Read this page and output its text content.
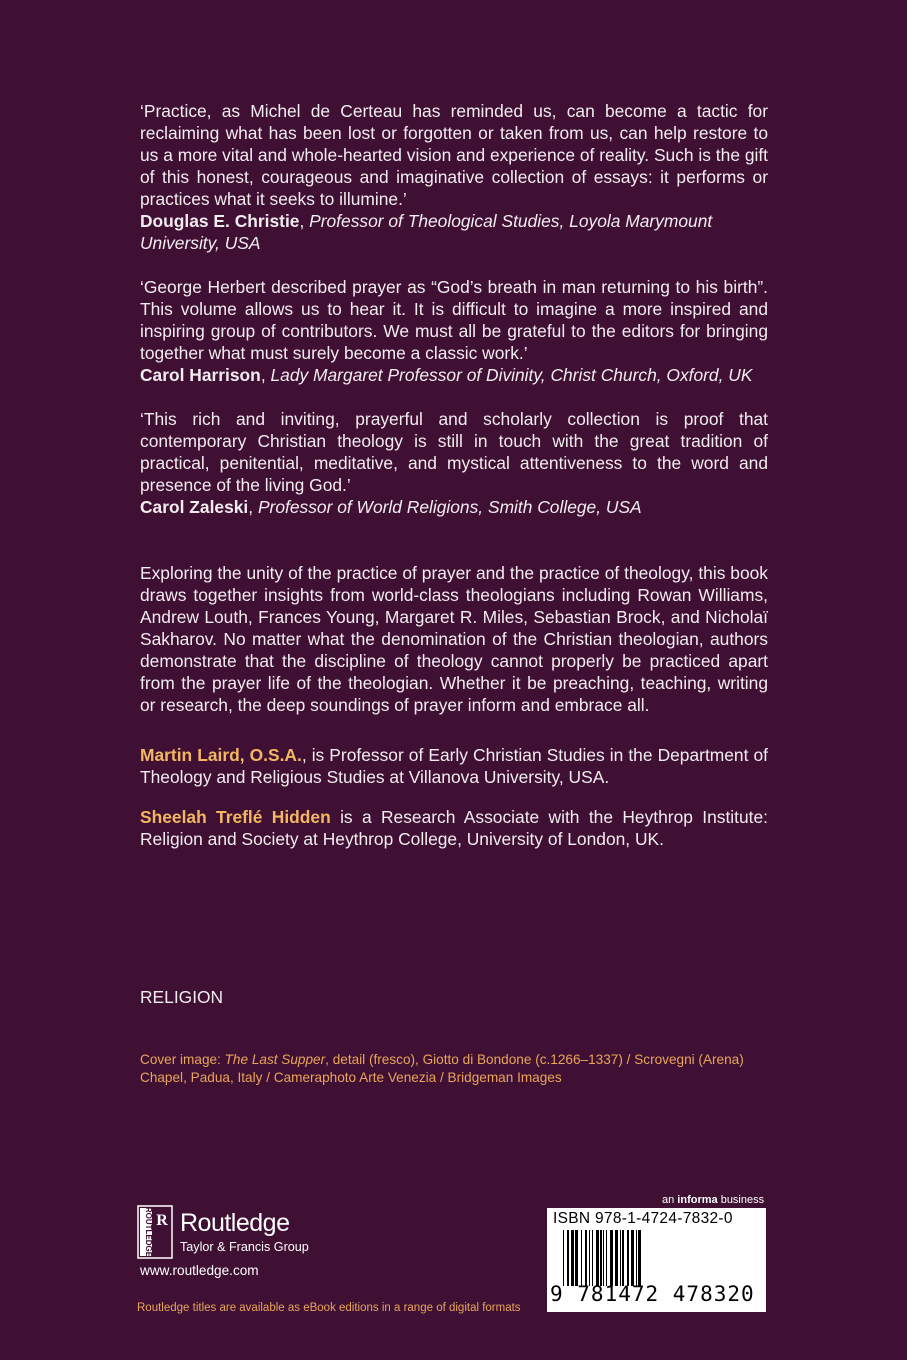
‘Practice, as Michel de Certeau has reminded us, can become a tactic for reclaiming what has been lost or forgotten or taken from us, can help restore to us a more vital and whole-hearted vision and experience of reality. Such is the gift of this honest, courageous and imaginative collection of essays: it performs or practices what it seeks to illumine.’

Douglas E. Christie, Professor of Theological Studies, Loyola Marymount University, USA

‘George Herbert described prayer as “God’s breath in man returning to his birth”. This volume allows us to hear it. It is difficult to imagine a more inspired and inspiring group of contributors. We must all be grateful to the editors for bringing together what must surely become a classic work.’

Carol Harrison, Lady Margaret Professor of Divinity, Christ Church, Oxford, UK

‘This rich and inviting, prayerful and scholarly collection is proof that contemporary Christian theology is still in touch with the great tradition of practical, penitential, meditative, and mystical attentiveness to the word and presence of the living God.’

Carol Zaleski, Professor of World Religions, Smith College, USA

Exploring the unity of the practice of prayer and the practice of theology, this book draws together insights from world-class theologians including Rowan Williams, Andrew Louth, Frances Young, Margaret R. Miles, Sebastian Brock, and Nicholaï Sakharov. No matter what the denomination of the Christian theologian, authors demonstrate that the discipline of theology cannot properly be practiced apart from the prayer life of the theologian. Whether it be preaching, teaching, writing or research, the deep soundings of prayer inform and embrace all.

Martin Laird, O.S.A., is Professor of Early Christian Studies in the Department of Theology and Religious Studies at Villanova University, USA.

Sheelah Treflé Hidden is a Research Associate with the Heythrop Institute: Religion and Society at Heythrop College, University of London, UK.

RELIGION
Cover image: The Last Supper, detail (fresco), Giotto di Bondone (c.1266–1337) / Scrovegni (Arena) Chapel, Padua, Italy / Cameraphoto Arte Venezia / Bridgeman Images
ROUTLEDGE R Routledge
Taylor & Francis Group
www.routledge.com
Routledge titles are available as eBook editions in a range of digital formats
an informa business
ISBN 978-1-4724-7832-0
9 781472 478320
